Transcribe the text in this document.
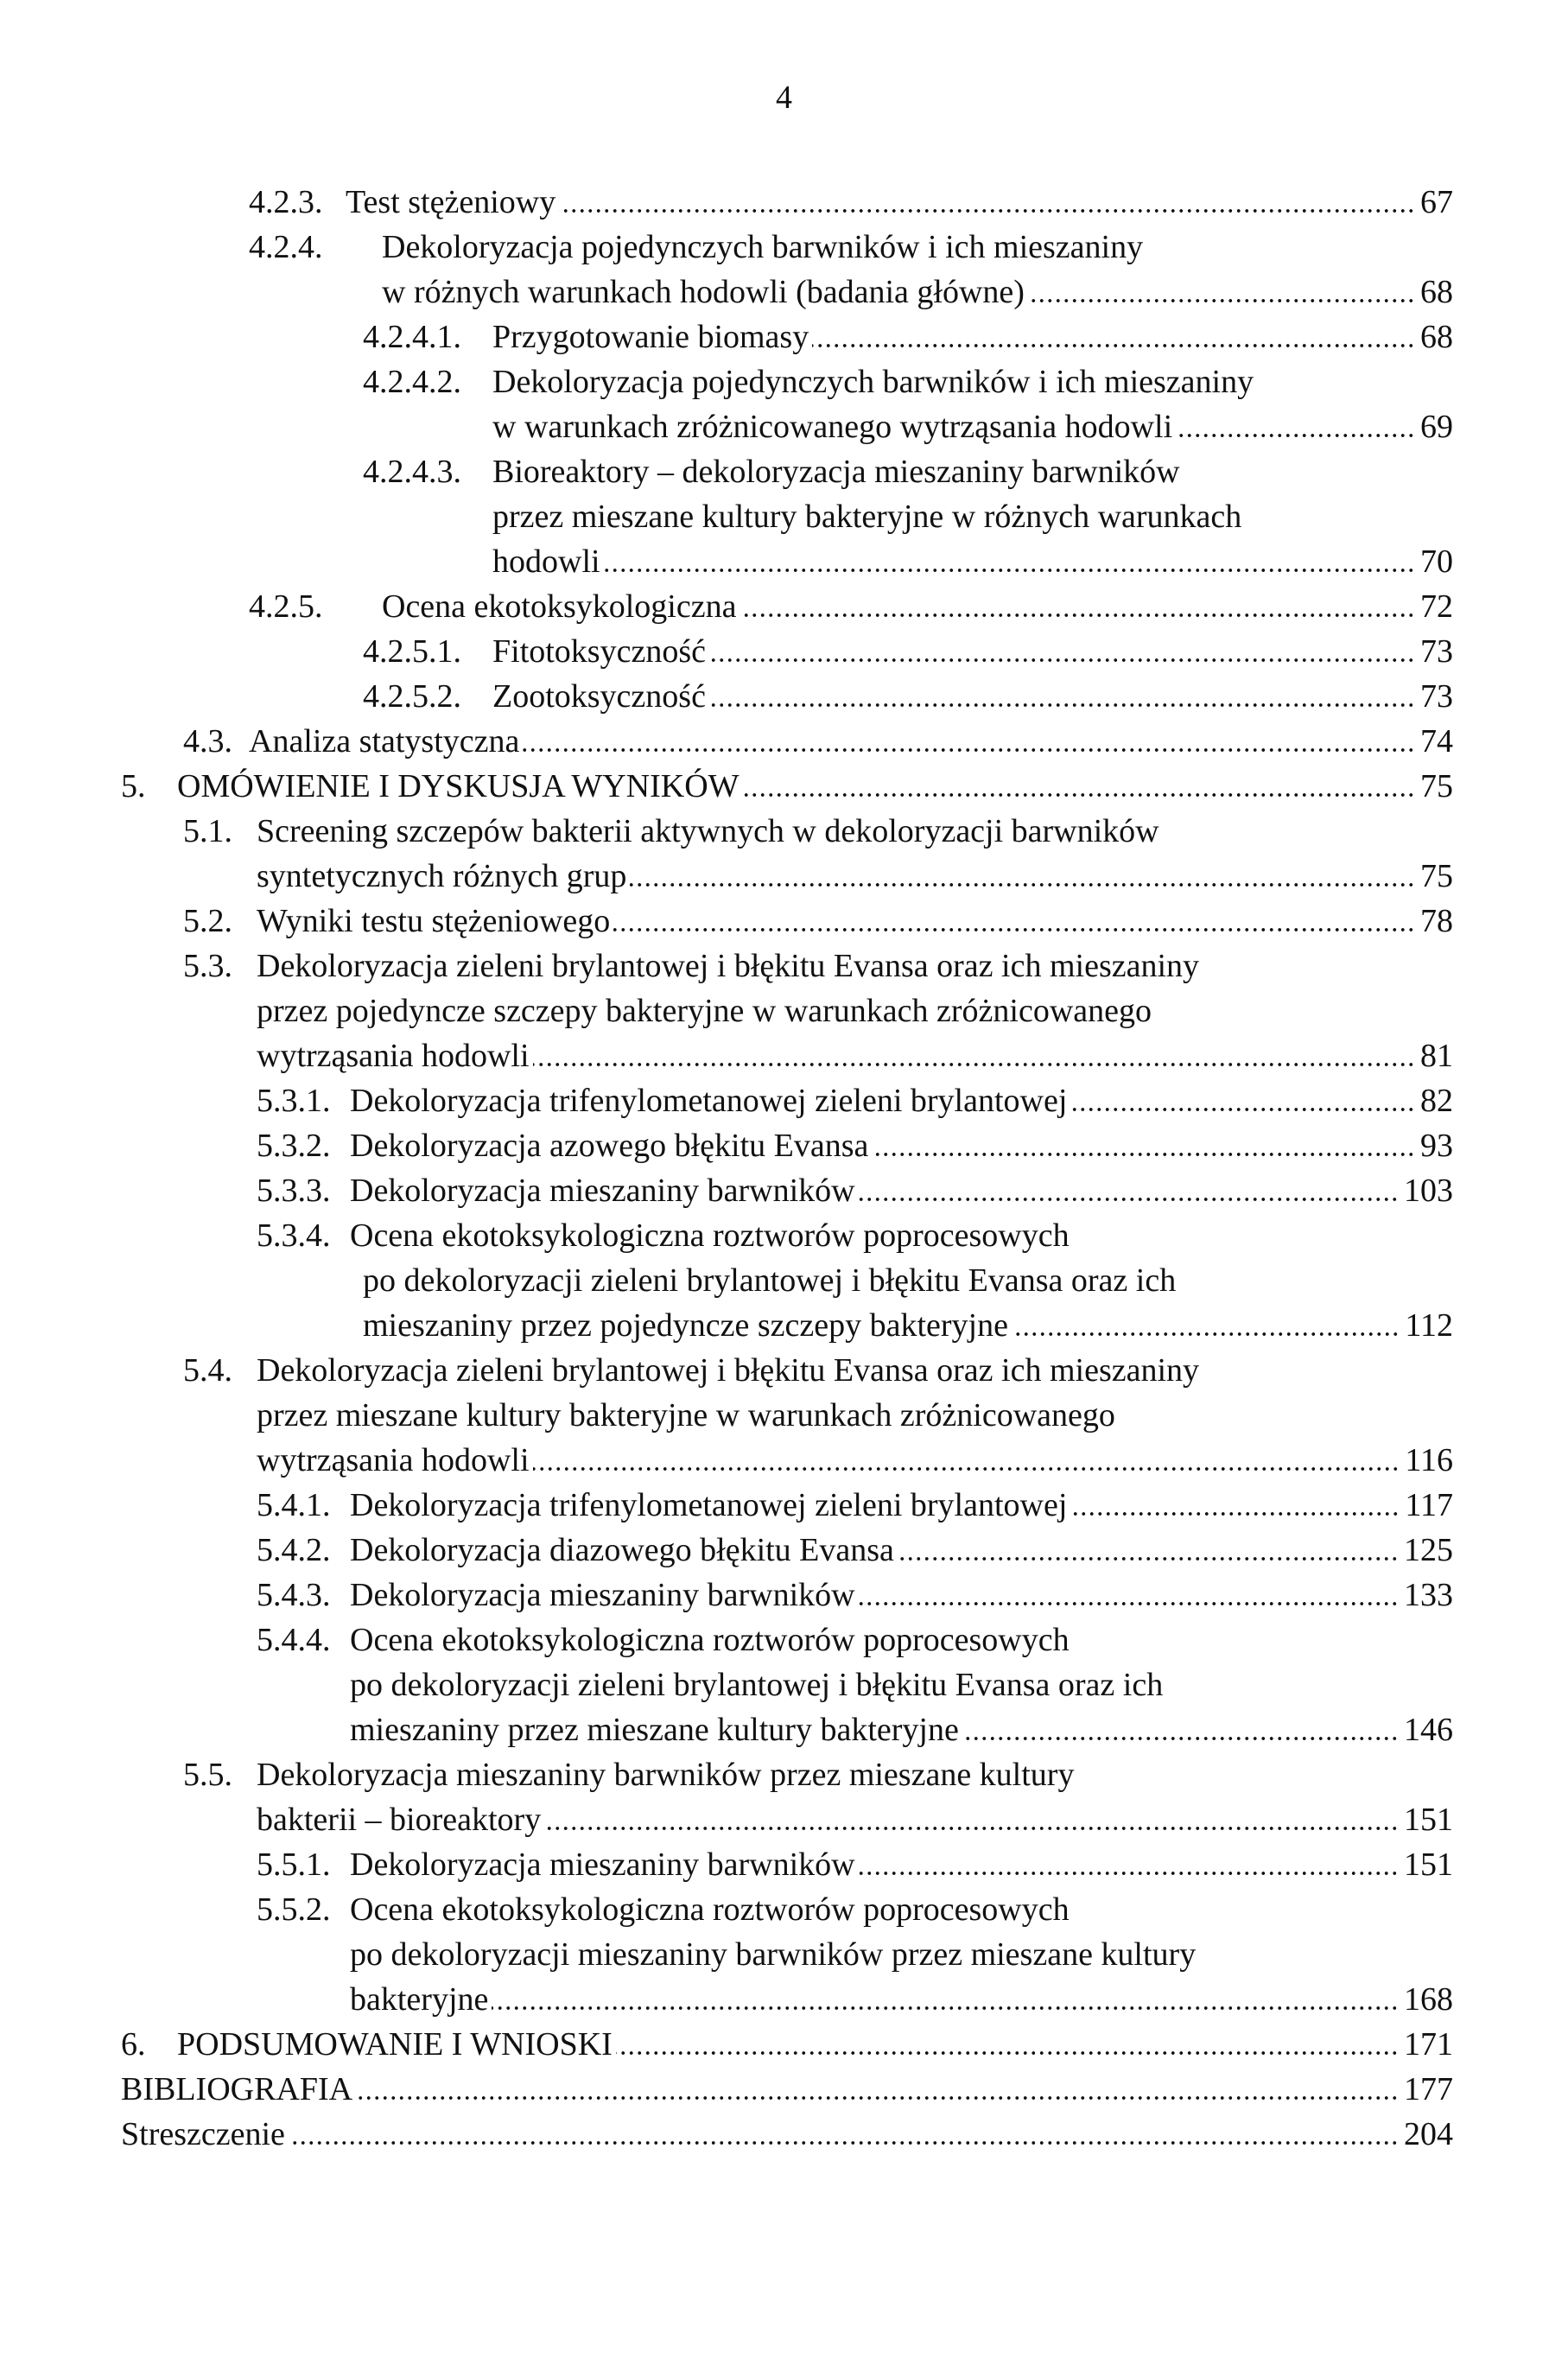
4
4.2.3. Test stężeniowy	67
4.2.4. Dekoloryzacja pojedynczych barwników i ich mieszaniny
w różnych warunkach hodowli (badania główne)	68
4.2.4.1. Przygotowanie biomasy	68
4.2.4.2. Dekoloryzacja pojedynczych barwników i ich mieszaniny
w warunkach zróżnicowanego wytrząsania hodowli	69
4.2.4.3. Bioreaktory – dekoloryzacja mieszaniny barwników
przez mieszane kultury bakteryjne w różnych warunkach
hodowli	70
4.2.5. Ocena ekotoksykologiczna	72
4.2.5.1. Fitotoksyczność	73
4.2.5.2. Zootoksyczność	73
4.3. Analiza statystyczna	74
5. OMÓWIENIE I DYSKUSJA WYNIKÓW	75
5.1. Screening szczepów bakterii aktywnych w dekoloryzacji barwników
syntetycznych różnych grup	75
5.2. Wyniki testu stężeniowego	78
5.3. Dekoloryzacja zieleni brylantowej i błękitu Evansa oraz ich mieszaniny
przez pojedyncze szczepy bakteryjne w warunkach zróżnicowanego
wytrząsania hodowli	81
5.3.1. Dekoloryzacja trifenylometanowej zieleni brylantowej	82
5.3.2. Dekoloryzacja azowego błękitu Evansa	93
5.3.3. Dekoloryzacja mieszaniny barwników	103
5.3.4. Ocena ekotoksykologiczna roztworów poprocesowych
po dekoloryzacji zieleni brylantowej i błękitu Evansa oraz ich
mieszaniny przez pojedyncze szczepy bakteryjne	112
5.4. Dekoloryzacja zieleni brylantowej i błękitu Evansa oraz ich mieszaniny
przez mieszane kultury bakteryjne w warunkach zróżnicowanego
wytrząsania hodowli	116
5.4.1. Dekoloryzacja trifenylometanowej zieleni brylantowej	117
5.4.2. Dekoloryzacja diazowego błękitu Evansa	125
5.4.3. Dekoloryzacja mieszaniny barwników	133
5.4.4. Ocena ekotoksykologiczna roztworów poprocesowych
po dekoloryzacji zieleni brylantowej i błękitu Evansa oraz ich
mieszaniny przez mieszane kultury bakteryjne	146
5.5. Dekoloryzacja mieszaniny barwników przez mieszane kultury
bakterii – bioreaktory	151
5.5.1. Dekoloryzacja mieszaniny barwników	151
5.5.2. Ocena ekotoksykologiczna roztworów poprocesowych
po dekoloryzacji mieszaniny barwników przez mieszane kultury
bakteryjne	168
6. PODSUMOWANIE I WNIOSKI	171
BIBLIOGRAFIA	177
Streszczenie	204
